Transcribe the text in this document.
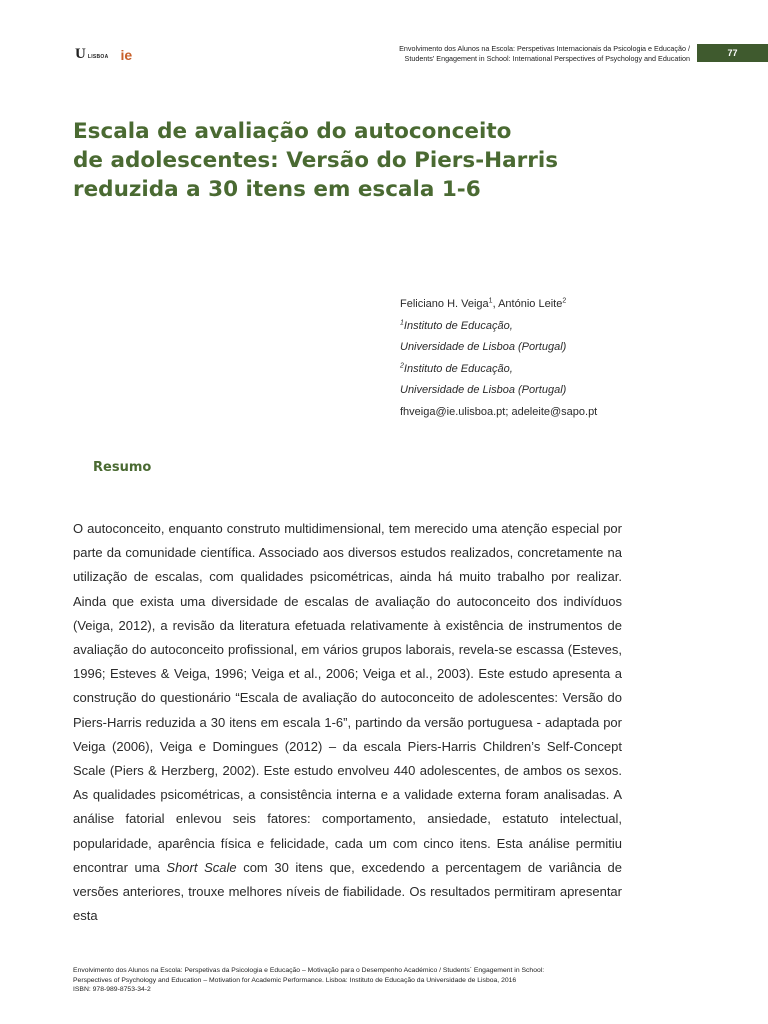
U LISBOA ie	Envolvimento dos Alunos na Escola: Perspetivas Internacionais da Psicologia e Educação /
Students' Engagement in School: International Perspectives of Psychology and Education
77
Escala de avaliação do autoconceito
de adolescentes: Versão do Piers-Harris
reduzida a 30 itens em escala 1-6
Feliciano H. Veiga$^1$, António Leite$^2$
$^1$Instituto de Educação,
Universidade de Lisboa (Portugal)
$^2$Instituto de Educação,
Universidade de Lisboa (Portugal)
fhveiga@ie.ulisboa.pt; adeleite@sapo.pt
Resumo

O autoconceito, enquanto construto multidimensional, tem merecido uma atenção especial por parte da comunidade científica. Associado aos diversos estudos realizados, concretamente na utilização de escalas, com qualidades psicométricas, ainda há muito trabalho por realizar. Ainda que exista uma diversidade de escalas de avaliação do autoconceito dos indivíduos (Veiga, 2012), a revisão da literatura efetuada relativamente à existência de instrumentos de avaliação do autoconceito profissional, em vários grupos laborais, revela-se escassa (Esteves, 1996; Esteves & Veiga, 1996; Veiga et al., 2006; Veiga et al., 2003). Este estudo apresenta a construção do questionário “Escala de avaliação do autoconceito de adolescentes: Versão do Piers-Harris reduzida a 30 itens em escala 1-6”, partindo da versão portuguesa - adaptada por Veiga (2006), Veiga e Domingues (2012) – da escala Piers-Harris Children’s Self-Concept Scale (Piers & Herzberg, 2002). Este estudo envolveu 440 adolescentes, de ambos os sexos. As qualidades psicométricas, a consistência interna e a validade externa foram analisadas. A análise fatorial enlevou seis fatores: comportamento, ansiedade, estatuto intelectual, popularidade, aparência física e felicidade, cada um com cinco itens. Esta análise permitiu encontrar uma Short Scale com 30 itens que, excedendo a percentagem de variância de versões anteriores, trouxe melhores níveis de fiabilidade. Os resultados permitiram apresentar esta

Envolvimento dos Alunos na Escola: Perspetivas da Psicologia e Educação – Motivação para o Desempenho Académico / Students´ Engagement in School:
Perspectives of Psychology and Education – Motivation for Academic Performance. Lisboa: Instituto de Educação da Universidade de Lisboa, 2016
ISBN: 978-989-8753-34-2
